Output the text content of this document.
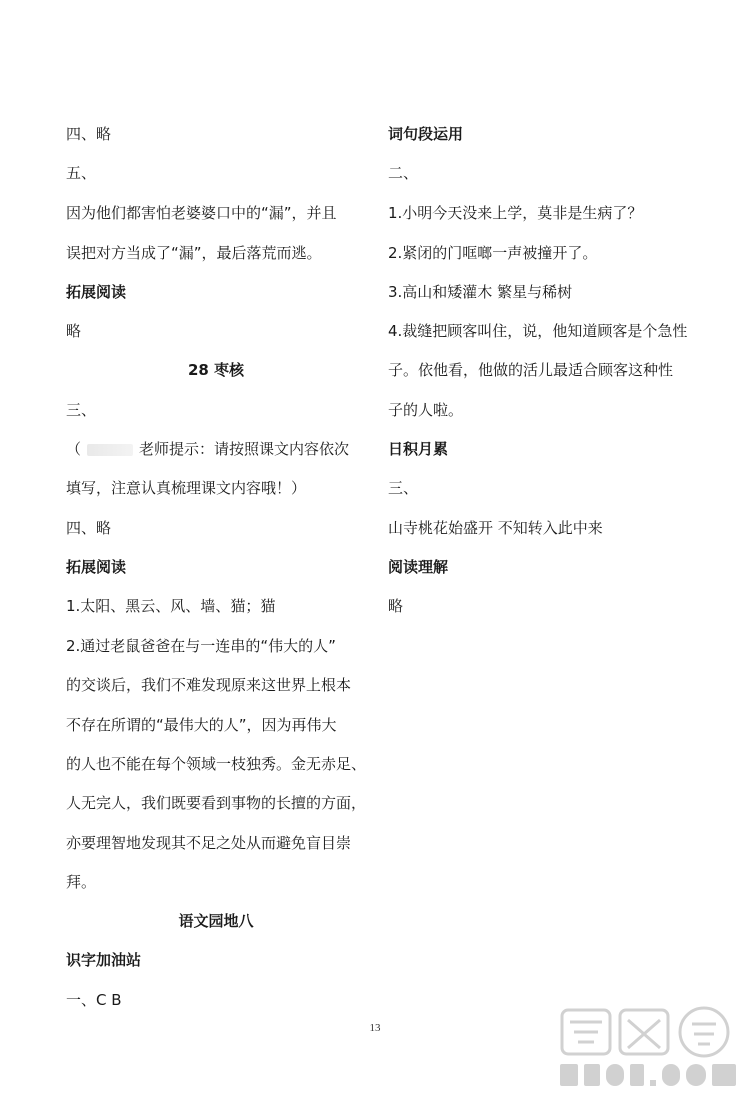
四、略
五、
因为他们都害怕老婆婆口中的“漏”，并且
误把对方当成了“漏”，最后落荒而逃。
拓展阅读
略
28 枣核
三、
（	老师提示：请按照课文内容依次
填写，注意认真梳理课文内容哦！）
四、略
拓展阅读
1.太阳、黑云、风、墙、猫；猫
2.通过老鼠爸爸在与一连串的“伟大的人”
的交谈后，我们不难发现原来这世界上根本
不存在所谓的“最伟大的人”，因为再伟大
的人也不能在每个领域一枝独秀。金无赤足、
人无完人，我们既要看到事物的长擅的方面，
亦要理智地发现其不足之处从而避免盲目崇
拜。
语文园地八
识字加油站
一、C B
词句段运用
二、
1.小明今天没来上学，莫非是生病了？
2.紧闭的门哐啷一声被撞开了。
3.高山和矮灌木 繁星与稀树
4.裁缝把顾客叫住，说，他知道顾客是个急性
子。依他看，他做的活儿最适合顾客这种性
子的人啦。
日积月累
三、
山寺桃花始盛开 不知转入此中来
阅读理解
略
13
